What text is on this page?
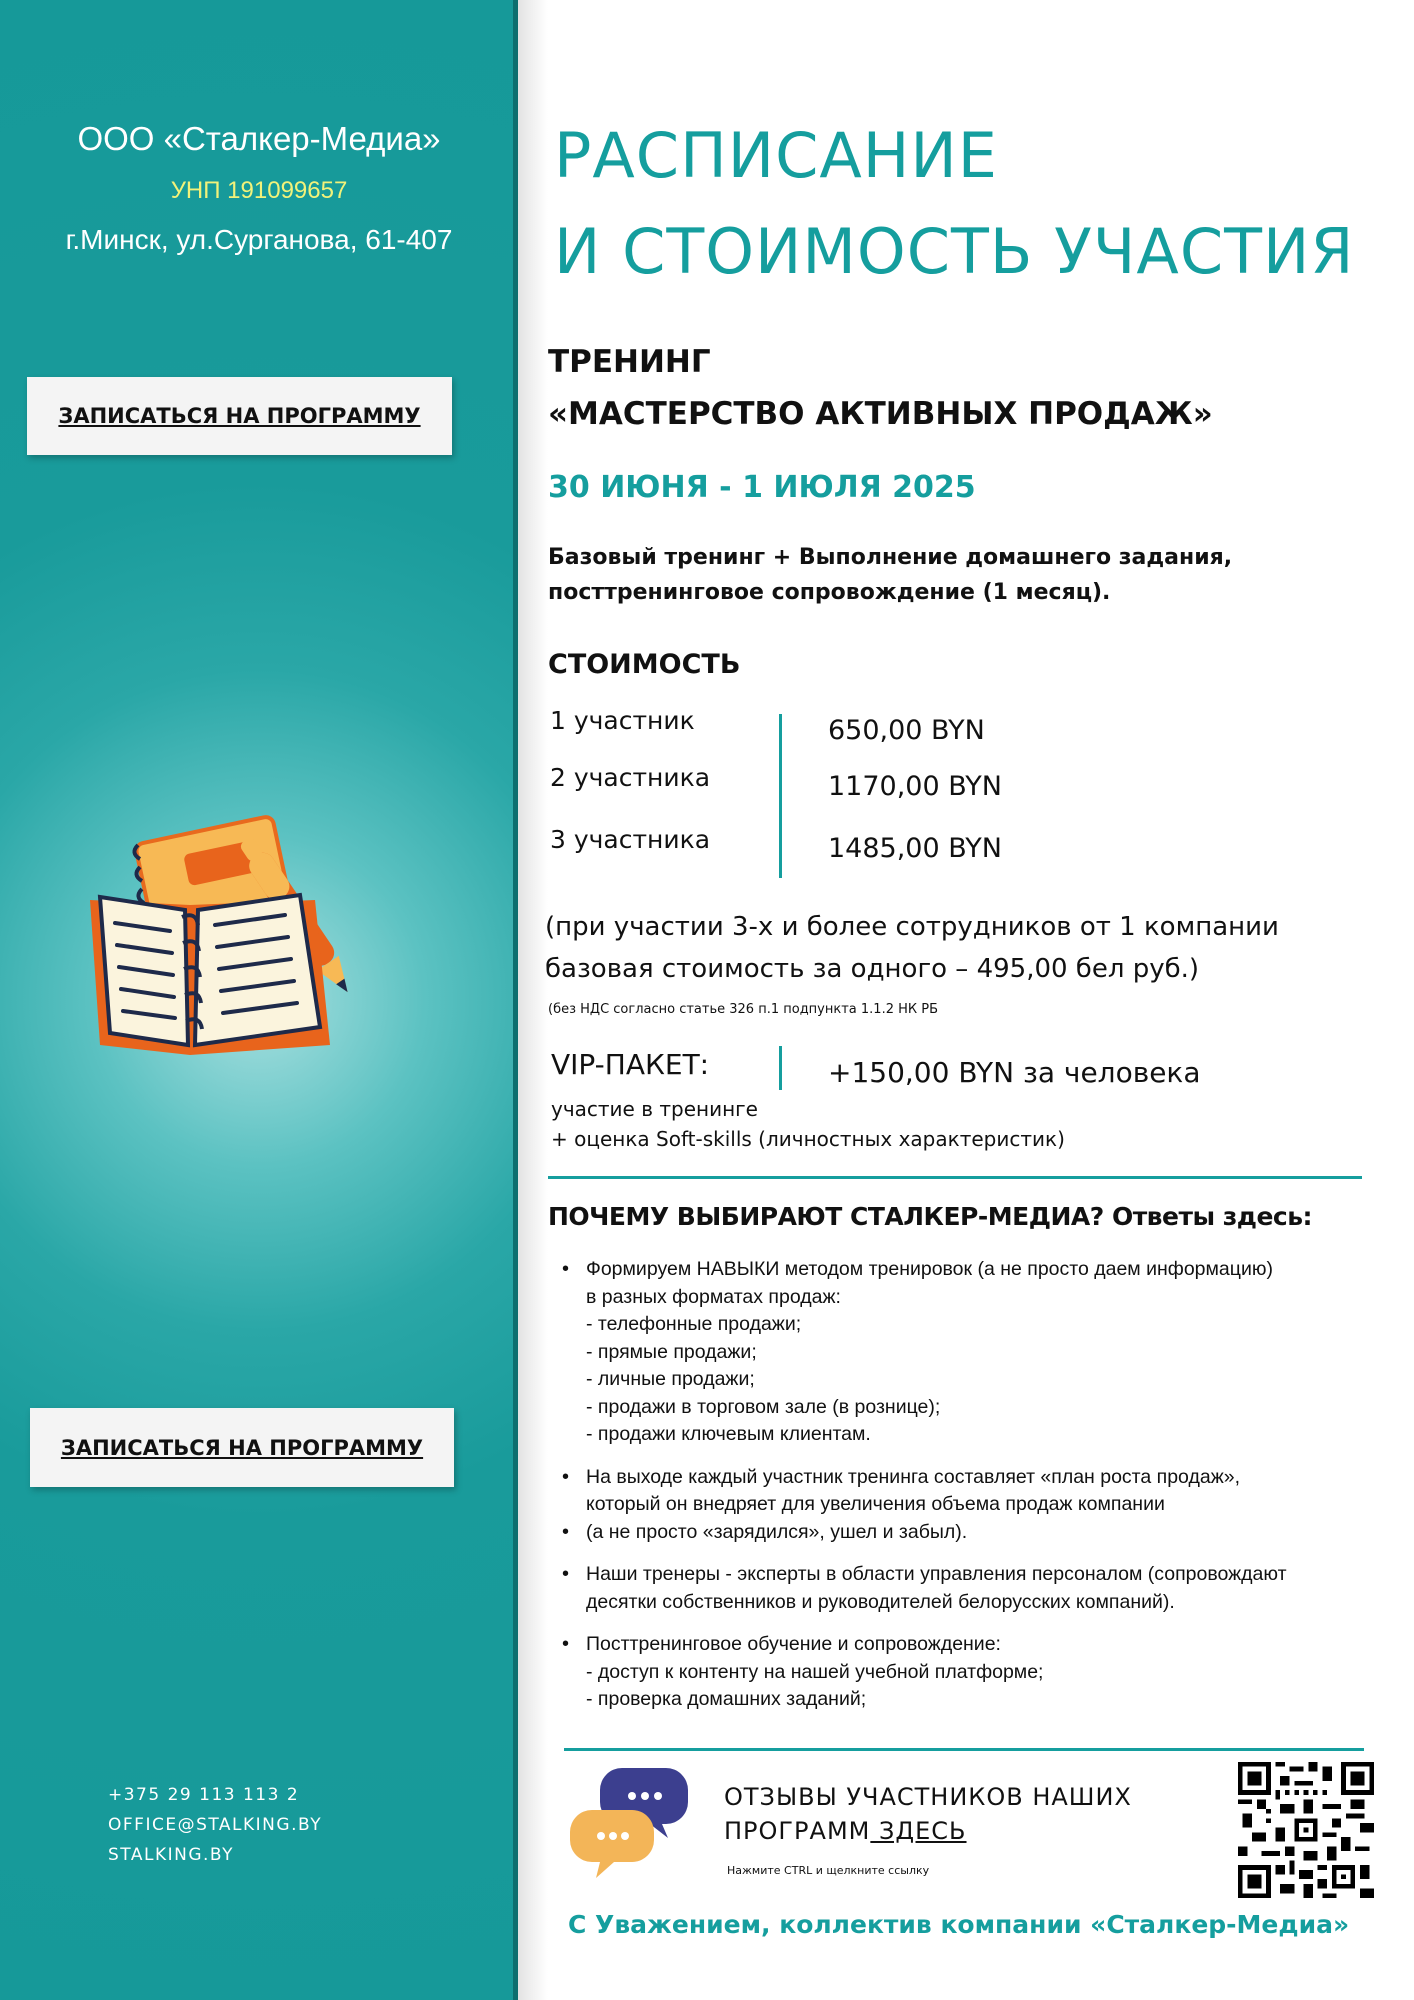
ООО «Сталкер-Медиа»
УНП 191099657
г.Минск, ул.Сурганова, 61-407
ЗАПИСАТЬСЯ НА ПРОГРАММУ
ЗАПИСАТЬСЯ НА ПРОГРАММУ
+375 29 113 113 2
OFFICE@STALKING.BY
STALKING.BY
РАСПИСАНИЕ
И СТОИМОСТЬ УЧАСТИЯ
ТРЕНИНГ
«МАСТЕРСТВО АКТИВНЫХ ПРОДАЖ»
30 ИЮНЯ - 1 ИЮЛЯ 2025
Базовый тренинг + Выполнение домашнего задания,
посттренинговое сопровождение (1 месяц).
СТОИМОСТЬ
1 участник
2 участника
3 участника
650,00 BYN
1170,00 BYN
1485,00 BYN
(при участии 3-х и более сотрудников от 1 компании
базовая стоимость за одного – 495,00 бел руб.)
(без НДС согласно статье 326 п.1 подпункта 1.1.2 НК РБ
VIP-ПАКЕТ:	+150,00 BYN за человека
участие в тренинге
+ оценка Soft-skills (личностных характеристик)
ПОЧЕМУ ВЫБИРАЮТ СТАЛКЕР-МЕДИА? Ответы здесь:
• Формируем НАВЫКИ методом тренировок (а не просто даем информацию)
в разных форматах продаж:
- телефонные продажи;
- прямые продажи;
- личные продажи;
- продажи в торговом зале (в рознице);
- продажи ключевым клиентам.
•
•
На выходе каждый участник тренинга составляет «план роста продаж»,
который он внедряет для увеличения объема продаж компании
(а не просто «зарядился», ушел и забыл).
• Наши тренеры - эксперты в области управления персоналом (сопровождают
десятки собственников и руководителей белорусских компаний).
• Посттренинговое обучение и сопровождение:
- доступ к контенту на нашей учебной платформе;
- проверка домашних заданий;
ОТЗЫВЫ УЧАСТНИКОВ НАШИХ
ПРОГРАММ ЗДЕСЬ
Нажмите CTRL и щелкните ссылку
С Уважением, коллектив компании «Сталкер-Медиа»
